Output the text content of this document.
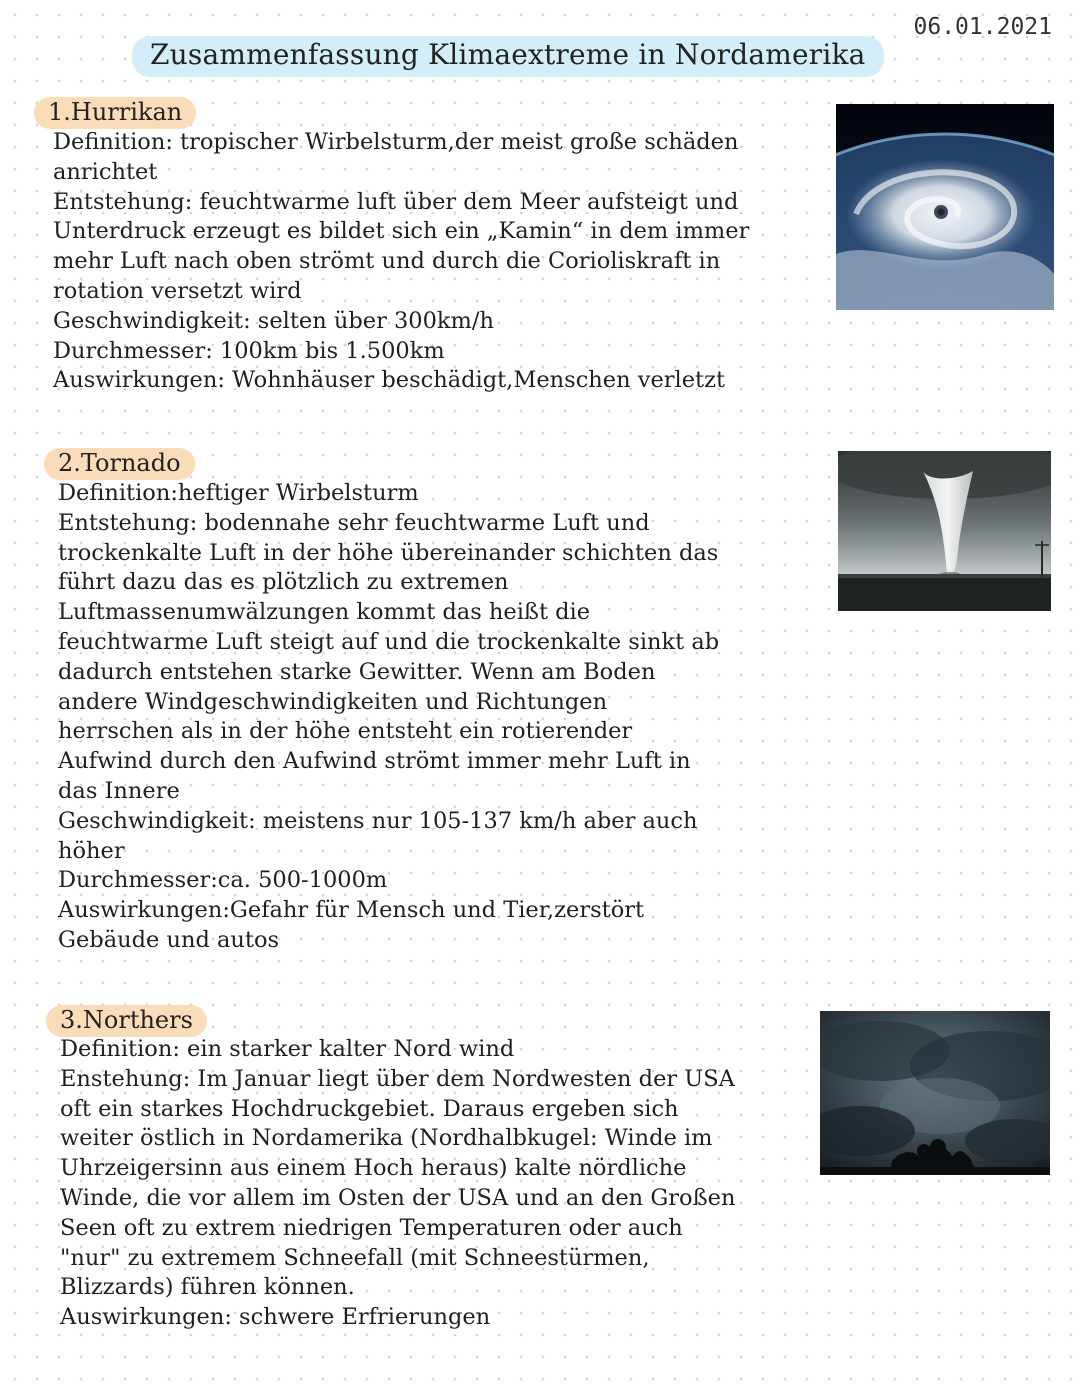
06.01.2021
Zusammenfassung Klimaextreme in Nordamerika
1.Hurrikan
Definition: tropischer Wirbelsturm,der meist große schäden
anrichtet
Entstehung: feuchtwarme luft über dem Meer aufsteigt und
Unterdruck erzeugt es bildet sich ein „Kamin“ in dem immer
mehr Luft nach oben strömt und durch die Corioliskraft in
rotation versetzt wird
Geschwindigkeit: selten über 300km/h
Durchmesser: 100km bis 1.500km
Auswirkungen: Wohnhäuser beschädigt,Menschen verletzt
2.Tornado
Definition:heftiger Wirbelsturm
Entstehung: bodennahe sehr feuchtwarme Luft und
trockenkalte Luft in der höhe übereinander schichten das
führt dazu das es plötzlich zu extremen
Luftmassenumwälzungen kommt das heißt die
feuchtwarme Luft steigt auf und die trockenkalte sinkt ab
dadurch entstehen starke Gewitter. Wenn am Boden
andere Windgeschwindigkeiten und Richtungen
herrschen als in der höhe entsteht ein rotierender
Aufwind durch den Aufwind strömt immer mehr Luft in
das Innere
Geschwindigkeit: meistens nur 105-137 km/h aber auch
höher
Durchmesser:ca. 500-1000m
Auswirkungen:Gefahr für Mensch und Tier,zerstört
Gebäude und autos
3.Northers
Definition: ein starker kalter Nord wind
Enstehung: Im Januar liegt über dem Nordwesten der USA
oft ein starkes Hochdruckgebiet. Daraus ergeben sich
weiter östlich in Nordamerika (Nordhalbkugel: Winde im
Uhrzeigersinn aus einem Hoch heraus) kalte nördliche
Winde, die vor allem im Osten der USA und an den Großen
Seen oft zu extrem niedrigen Temperaturen oder auch
"nur" zu extremem Schneefall (mit Schneestürmen,
Blizzards) führen können.
Auswirkungen: schwere Erfrierungen
